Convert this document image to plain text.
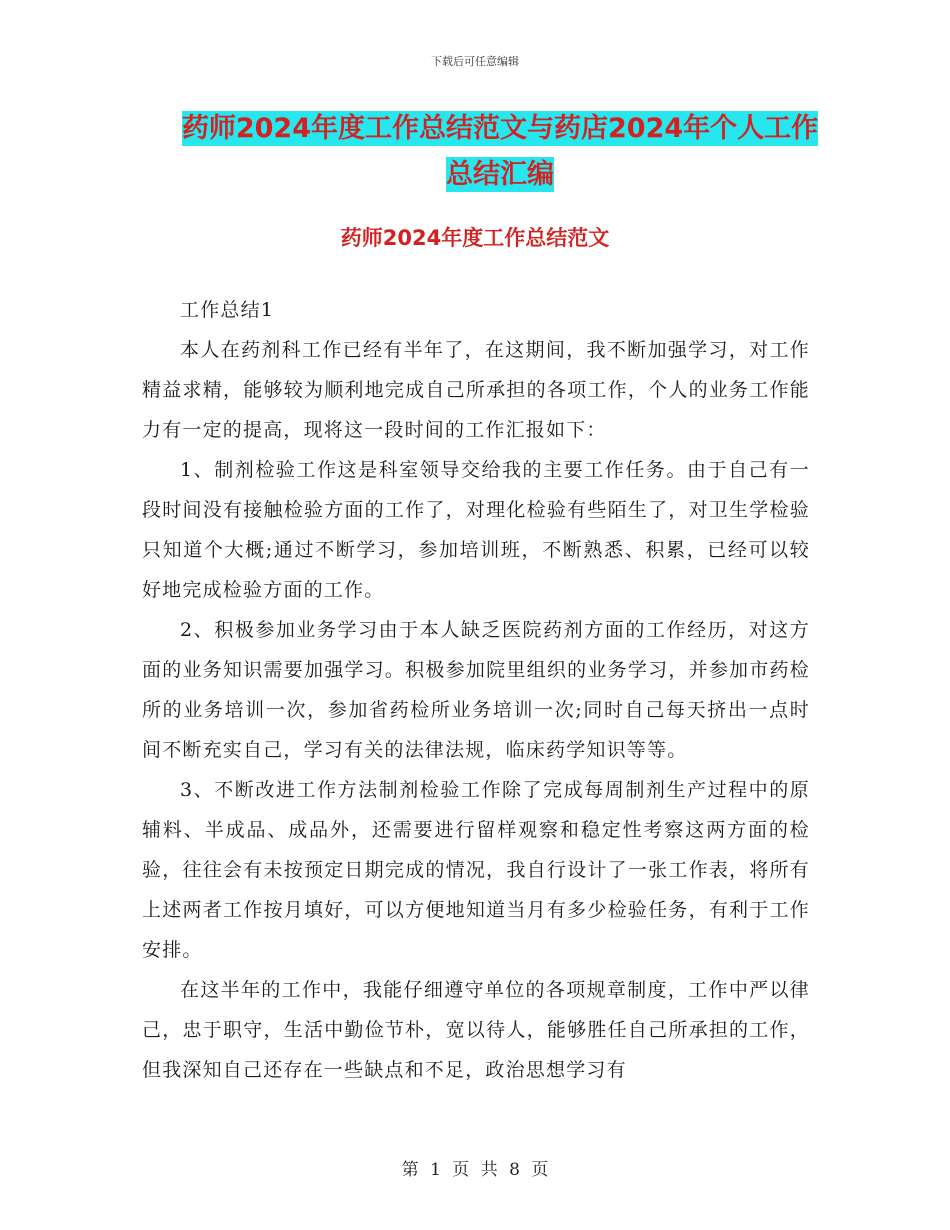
下载后可任意编辑
药师2024年度工作总结范文与药店2024年个人工作
总结汇编
药师2024年度工作总结范文

工作总结1

本人在药剂科工作已经有半年了，在这期间，我不断加强学习，对工作精益求精，能够较为顺利地完成自己所承担的各项工作，个人的业务工作能力有一定的提高，现将这一段时间的工作汇报如下：

1、制剂检验工作这是科室领导交给我的主要工作任务。由于自己有一段时间没有接触检验方面的工作了，对理化检验有些陌生了，对卫生学检验只知道个大概;通过不断学习，参加培训班，不断熟悉、积累，已经可以较好地完成检验方面的工作。

2、积极参加业务学习由于本人缺乏医院药剂方面的工作经历，对这方面的业务知识需要加强学习。积极参加院里组织的业务学习，并参加市药检所的业务培训一次，参加省药检所业务培训一次;同时自己每天挤出一点时间不断充实自己，学习有关的法律法规，临床药学知识等等。

3、不断改进工作方法制剂检验工作除了完成每周制剂生产过程中的原辅料、半成品、成品外，还需要进行留样观察和稳定性考察这两方面的检验，往往会有未按预定日期完成的情况，我自行设计了一张工作表，将所有上述两者工作按月填好，可以方便地知道当月有多少检验任务，有利于工作安排。

在这半年的工作中，我能仔细遵守单位的各项规章制度，工作中严以律己，忠于职守，生活中勤俭节朴，宽以待人，能够胜任自己所承担的工作，但我深知自己还存在一些缺点和不足，政治思想学习有

第 1 页 共 8 页
